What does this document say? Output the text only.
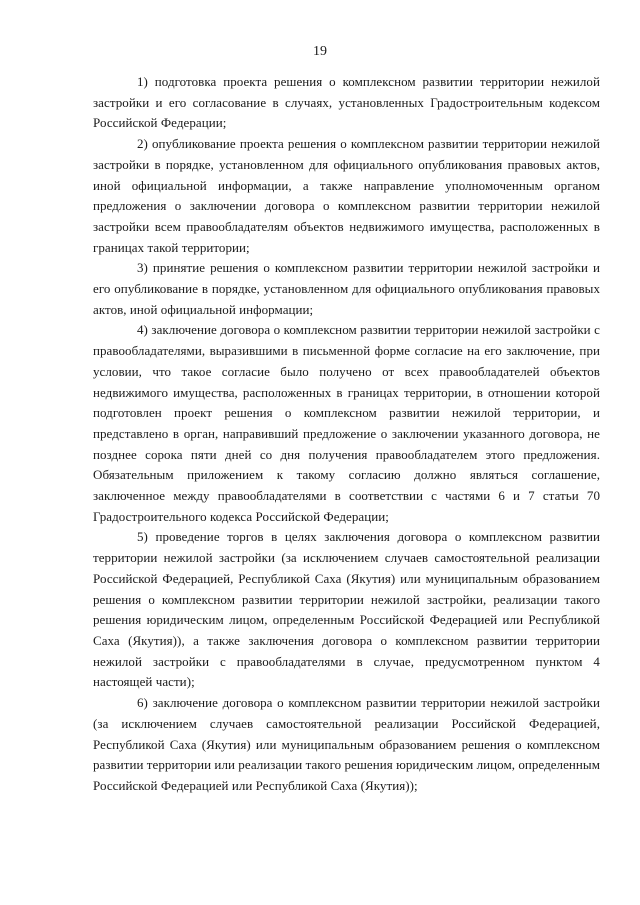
19

1) подготовка проекта решения о комплексном развитии территории нежилой застройки и его согласование в случаях, установленных Градостроительным кодексом Российской Федерации;

2) опубликование проекта решения о комплексном развитии территории нежилой застройки в порядке, установленном для официального опубликования правовых актов, иной официальной информации, а также направление уполномоченным органом предложения о заключении договора о комплексном развитии территории нежилой застройки всем правообладателям объектов недвижимого имущества, расположенных в границах такой территории;

3) принятие решения о комплексном развитии территории нежилой застройки и его опубликование в порядке, установленном для официального опубликования правовых актов, иной официальной информации;

4) заключение договора о комплексном развитии территории нежилой застройки с правообладателями, выразившими в письменной форме согласие на его заключение, при условии, что такое согласие было получено от всех правообладателей объектов недвижимого имущества, расположенных в границах территории, в отношении которой подготовлен проект решения о комплексном развитии нежилой территории, и представлено в орган, направивший предложение о заключении указанного договора, не позднее сорока пяти дней со дня получения правообладателем этого предложения. Обязательным приложением к такому согласию должно являться соглашение, заключенное между правообладателями в соответствии с частями 6 и 7 статьи 70 Градостроительного кодекса Российской Федерации;

5) проведение торгов в целях заключения договора о комплексном развитии территории нежилой застройки (за исключением случаев самостоятельной реализации Российской Федерацией, Республикой Саха (Якутия) или муниципальным образованием решения о комплексном развитии территории нежилой застройки, реализации такого решения юридическим лицом, определенным Российской Федерацией или Республикой Саха (Якутия)), а также заключения договора о комплексном развитии территории нежилой застройки с правообладателями в случае, предусмотренном пунктом 4 настоящей части);

6) заключение договора о комплексном развитии территории нежилой застройки (за исключением случаев самостоятельной реализации Российской Федерацией, Республикой Саха (Якутия) или муниципальным образованием решения о комплексном развитии территории или реализации такого решения юридическим лицом, определенным Российской Федерацией или Республикой Саха (Якутия));
